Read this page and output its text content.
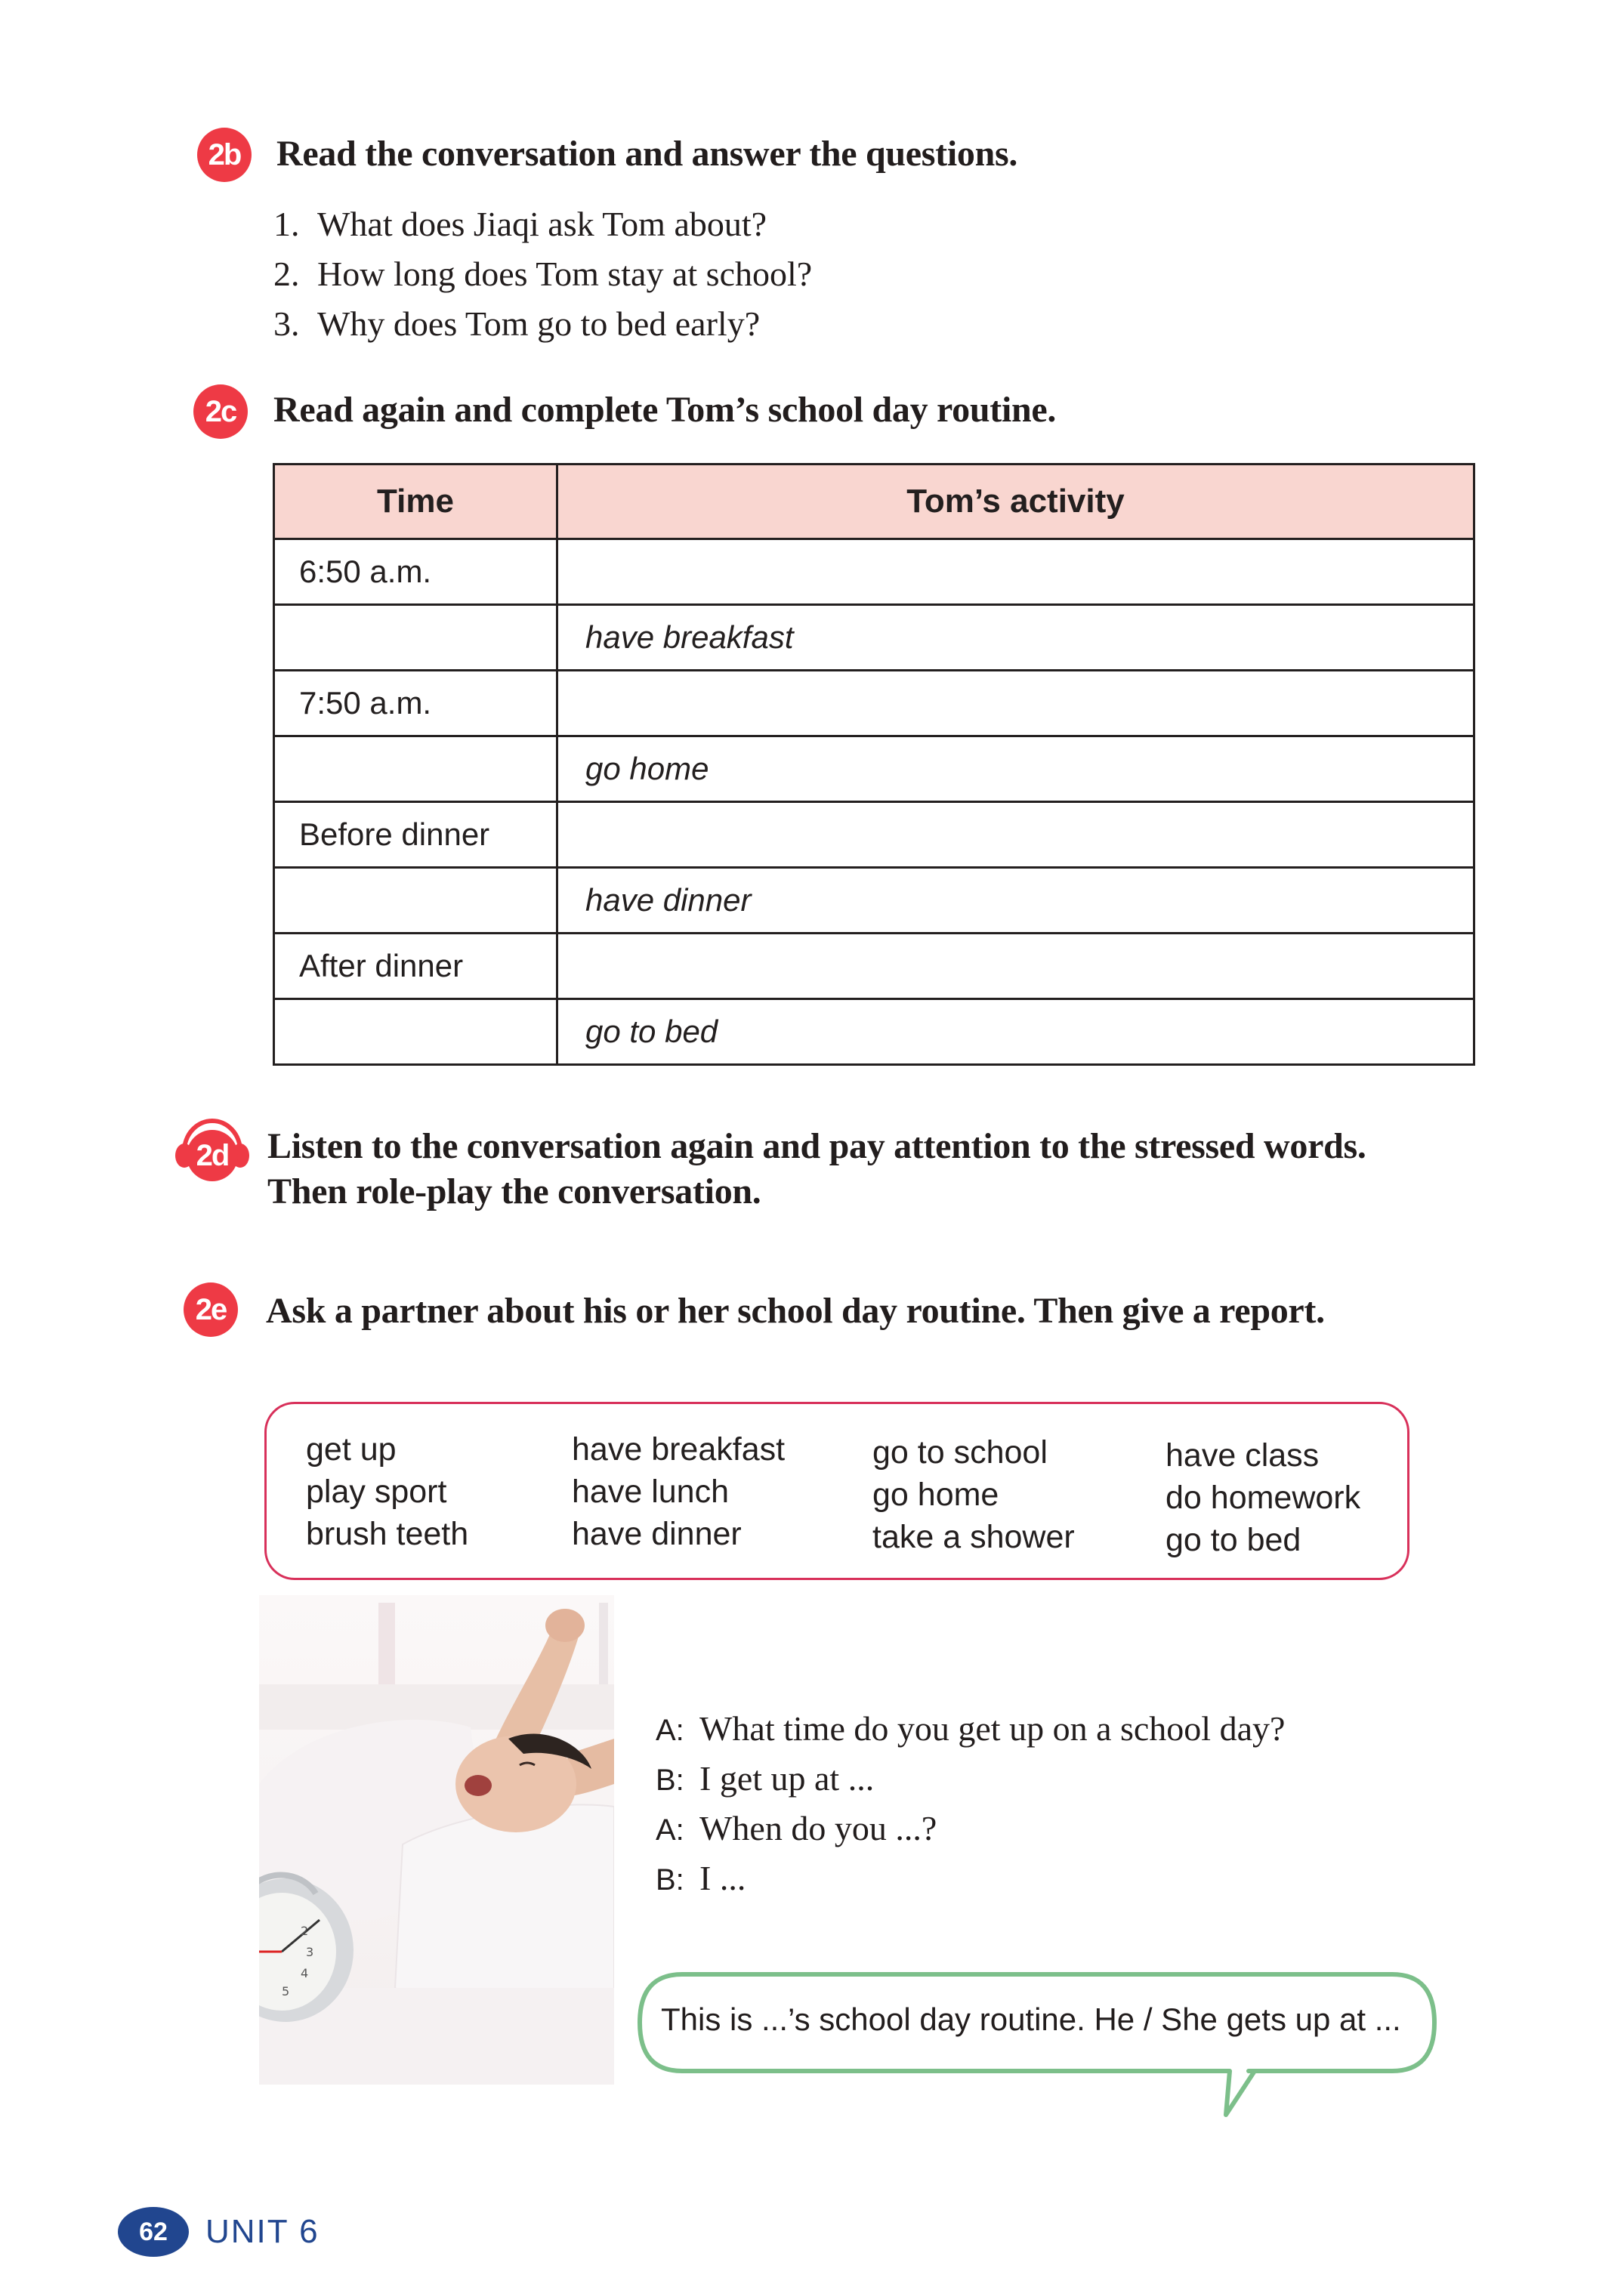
2b Read the conversation and answer the questions.
1. What does Jiaqi ask Tom about?
2. How long does Tom stay at school?
3. Why does Tom go to bed early?
2c Read again and complete Tom’s school day routine.
Time	Tom’s activity
6:50 a.m.	
	have breakfast
7:50 a.m.	
	go home
Before dinner	
	have dinner
After dinner	
	go to bed
2d Listen to the conversation again and pay attention to the stressed words.
Then role-play the conversation.
2e Ask a partner about his or her school day routine. Then give a report.
get up
play sport
brush teeth
have breakfast
have lunch
have dinner
go to school
go home
take a shower
have class
do homework
go to bed
2
3
4
5
A: What time do you get up on a school day?
B: I get up at ...
A: When do you ...?
B: I ...
This is ...’s school day routine. He / She gets up at ...
62 UNIT 6
